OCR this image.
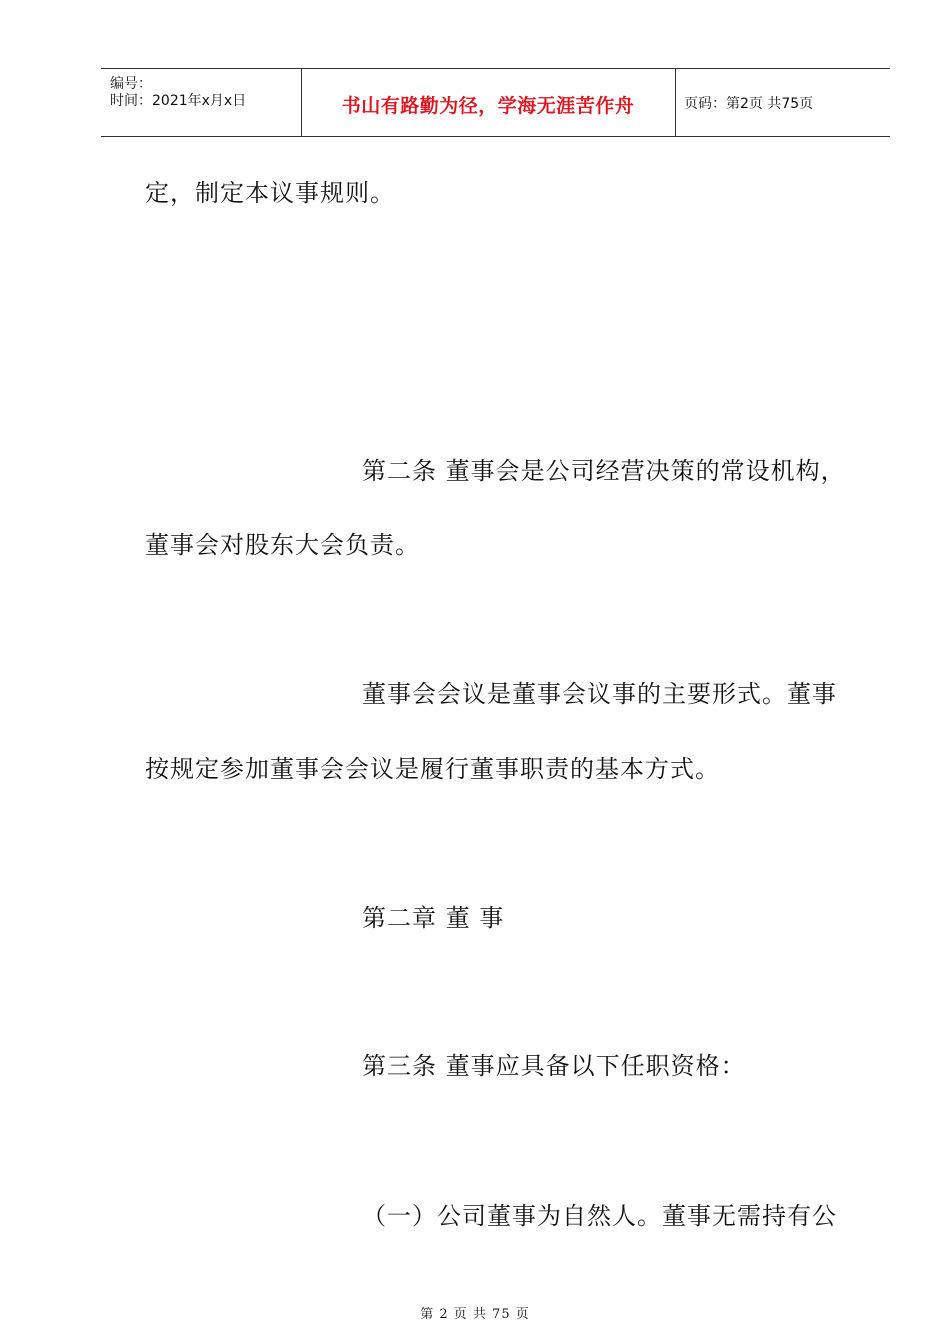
编号：
时间：2021年x月x日	书山有路勤为径，学海无涯苦作舟	页码：第2页 共75页
定，制定本议事规则。
第二条 董事会是公司经营决策的常设机构，
董事会对股东大会负责。
董事会会议是董事会议事的主要形式。董事
按规定参加董事会会议是履行董事职责的基本方式。
第二章 董 事
第三条 董事应具备以下任职资格：
（一）公司董事为自然人。董事无需持有公
第 2 页 共 75 页
